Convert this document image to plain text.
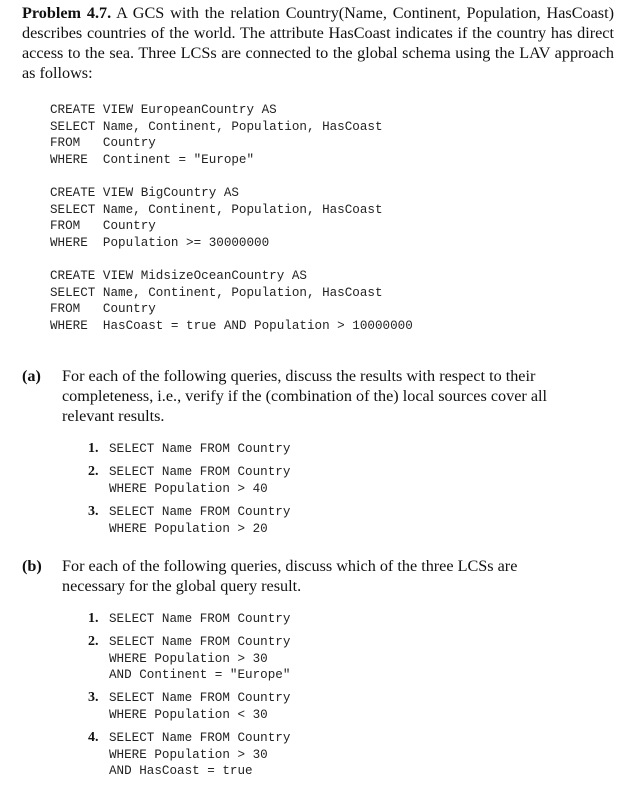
Problem 4.7. A GCS with the relation Country(Name, Continent, Population, HasCoast) describes countries of the world. The attribute HasCoast indicates if the country has direct access to the sea. Three LCSs are connected to the global schema using the LAV approach as follows:
CREATE VIEW EuropeanCountry AS
SELECT Name, Continent, Population, HasCoast
FROM   Country
WHERE  Continent = "Europe"
CREATE VIEW BigCountry AS
SELECT Name, Continent, Population, HasCoast
FROM   Country
WHERE  Population >= 30000000
CREATE VIEW MidsizeOceanCountry AS
SELECT Name, Continent, Population, HasCoast
FROM   Country
WHERE  HasCoast = true AND Population > 10000000
(a) For each of the following queries, discuss the results with respect to their completeness, i.e., verify if the (combination of the) local sources cover all relevant results.
1. SELECT Name FROM Country
2. SELECT Name FROM Country
WHERE Population > 40
3. SELECT Name FROM Country
WHERE Population > 20
(b) For each of the following queries, discuss which of the three LCSs are necessary for the global query result.
1. SELECT Name FROM Country
2. SELECT Name FROM Country
WHERE Population > 30
AND Continent = "Europe"
3. SELECT Name FROM Country
WHERE Population < 30
4. SELECT Name FROM Country
WHERE Population > 30
AND HasCoast = true
